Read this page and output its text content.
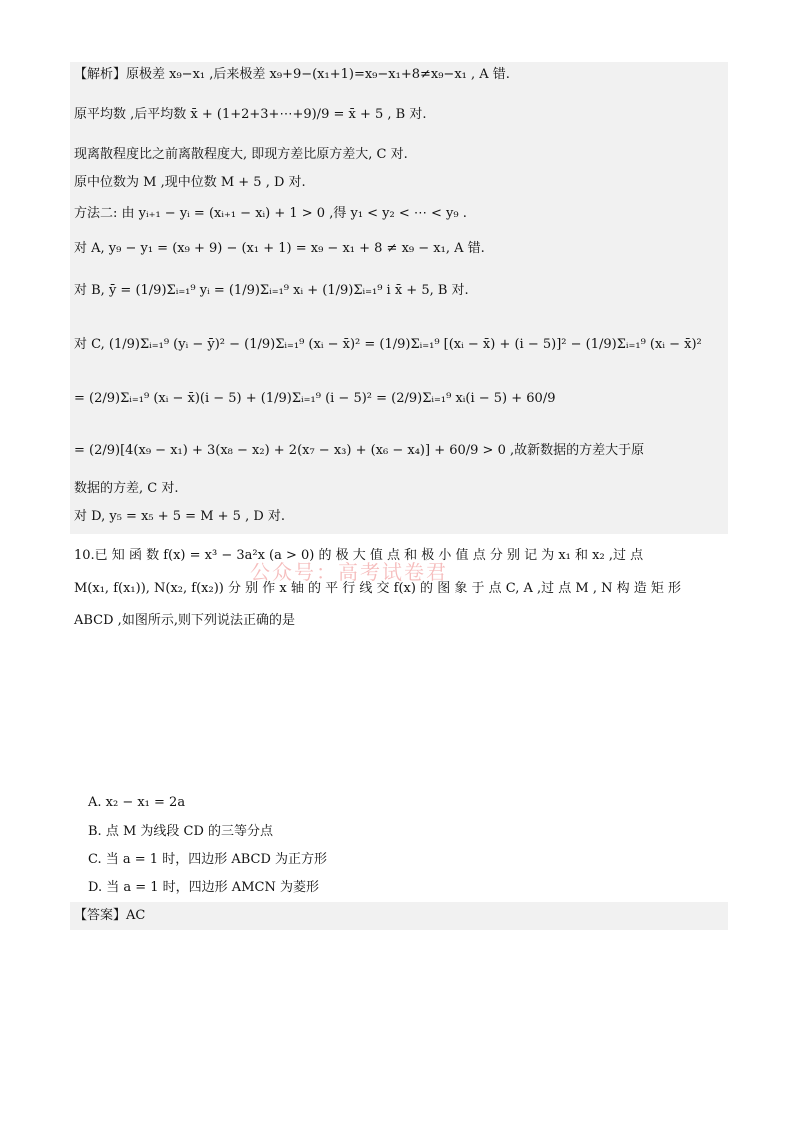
【解析】原极差 x₉−x₁ ,后来极差 x₉+9−(x₁+1)=x₉−x₁+8≠x₉−x₁ , A 错.
原平均数 ,后平均数 x̄ + (1+2+3+⋯+9)/9 = x̄ + 5 , B 对.
现离散程度比之前离散程度大, 即现方差比原方差大, C 对.
原中位数为 M ,现中位数 M + 5 , D 对.
方法二: 由 yᵢ₊₁ − yᵢ = (xᵢ₊₁ − xᵢ) + 1 > 0 ,得 y₁ < y₂ < ⋯ < y₉ .
对 A, y₉ − y₁ = (x₉ + 9) − (x₁ + 1) = x₉ − x₁ + 8 ≠ x₉ − x₁, A 错.
对 B, ȳ = (1/9)Σᵢ₌₁⁹ yᵢ = (1/9)Σᵢ₌₁⁹ xᵢ + (1/9)Σᵢ₌₁⁹ i x̄ + 5, B 对.
对 C, (1/9)Σᵢ₌₁⁹ (yᵢ − ȳ)² − (1/9)Σᵢ₌₁⁹ (xᵢ − x̄)² = (1/9)Σᵢ₌₁⁹ [(xᵢ − x̄) + (i − 5)]² − (1/9)Σᵢ₌₁⁹ (xᵢ − x̄)²
= (2/9)Σᵢ₌₁⁹ (xᵢ − x̄)(i − 5) + (1/9)Σᵢ₌₁⁹ (i − 5)² = (2/9)Σᵢ₌₁⁹ xᵢ(i − 5) + 60/9
= (2/9)[4(x₉ − x₁) + 3(x₈ − x₂) + 2(x₇ − x₃) + (x₆ − x₄)] + 60/9 > 0 ,故新数据的方差大于原
数据的方差, C 对.
对 D, y₅ = x₅ + 5 = M + 5 , D 对.
10.已 知 函 数 f(x) = x³ − 3a²x (a > 0) 的 极 大 值 点 和 极 小 值 点 分 别 记 为 x₁ 和 x₂ ,过 点
M(x₁, f(x₁)), N(x₂, f(x₂)) 分 别 作 x 轴 的 平 行 线 交 f(x) 的 图 象 于 点 C, A ,过 点 M , N 构 造 矩 形
ABCD ,如图所示,则下列说法正确的是
公众号：高考试卷君
A. x₂ − x₁ = 2a
B. 点 M 为线段 CD 的三等分点
C. 当 a = 1 时，四边形 ABCD 为正方形
D. 当 a = 1 时，四边形 AMCN 为菱形
【答案】AC
